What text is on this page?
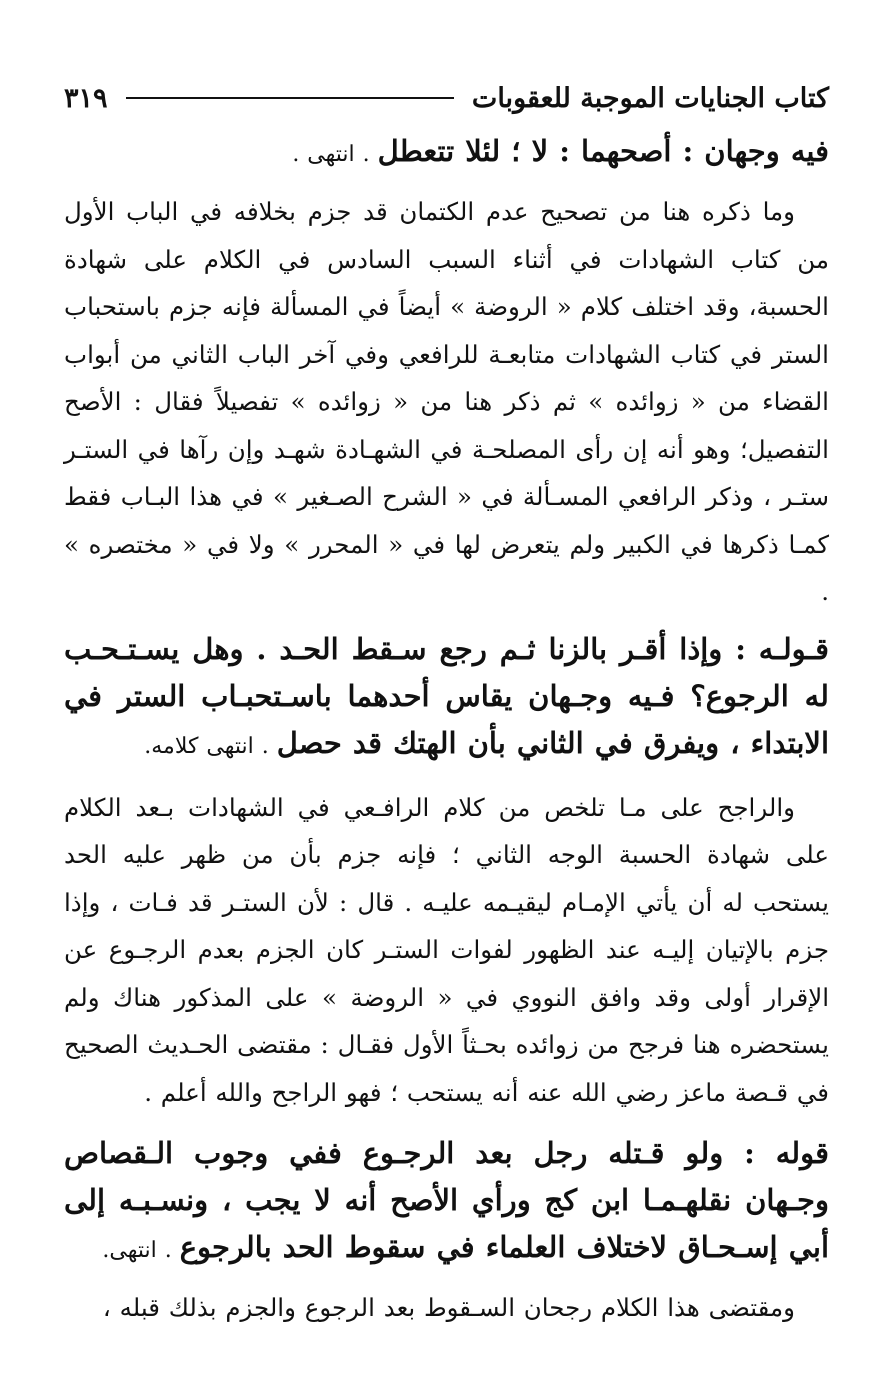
كتاب الجنايات الموجبة للعقوبات
٣١٩

فيه وجهان : أصحهما : لا ؛ لئلا تتعطل . انتهى .

وما ذكره هنا من تصحيح عدم الكتمان قد جزم بخلافه في الباب الأول من كتاب الشهادات في أثناء السبب السادس في الكلام على شهادة الحسبة، وقد اختلف كلام « الروضة » أيضاً في المسألة فإنه جزم باستحباب الستر في كتاب الشهادات متابعـة للرافعي وفي آخر الباب الثاني من أبواب القضاء من « زوائده » ثم ذكر هنا من « زوائده » تفصيلاً فقال : الأصح التفصيل؛ وهو أنه إن رأى المصلحـة في الشهـادة شهـد وإن رآها في الستـر ستـر ، وذكر الرافعي المسـألة في « الشرح الصـغير » في هذا البـاب فقط كمـا ذكرها في الكبير ولم يتعرض لها في « المحرر » ولا في « مختصره » .

قـولـه : وإذا أقـر بالزنا ثـم رجع سـقط الحـد . وهل يسـتـحـب له الرجوع؟ فـيه وجـهان يقاس أحدهما باسـتحبـاب الستر في الابتداء ، ويفرق في الثاني بأن الهتك قد حصل . انتهى كلامه.

والراجح على مـا تلخص من كلام الرافـعي في الشهادات بـعد الكلام على شهادة الحسبة الوجه الثاني ؛ فإنه جزم بأن من ظهر عليه الحد يستحب له أن يأتي الإمـام ليقيـمه عليـه . قال : لأن الستـر قد فـات ، وإذا جزم بالإتيان إليـه عند الظهور لفوات الستـر كان الجزم بعدم الرجـوع عن الإقرار أولى وقد وافق النووي في « الروضة » على المذكور هناك ولم يستحضره هنا فرجح من زوائده بحـثاً الأول فقـال : مقتضى الحـديث الصحيح في قـصة ماعز رضي الله عنه أنه يستحب ؛ فهو الراجح والله أعلم .

قوله : ولو قـتله رجل بعد الرجـوع ففي وجوب الـقصاص وجـهان نقلهـمـا ابن كج ورأي الأصح أنه لا يجب ، ونسـبـه إلى أبي إسـحـاق لاختلاف العلماء في سقوط الحد بالرجوع . انتهى.

ومقتضى هذا الكلام رجحان السـقوط بعد الرجوع والجزم بذلك قبله ،
